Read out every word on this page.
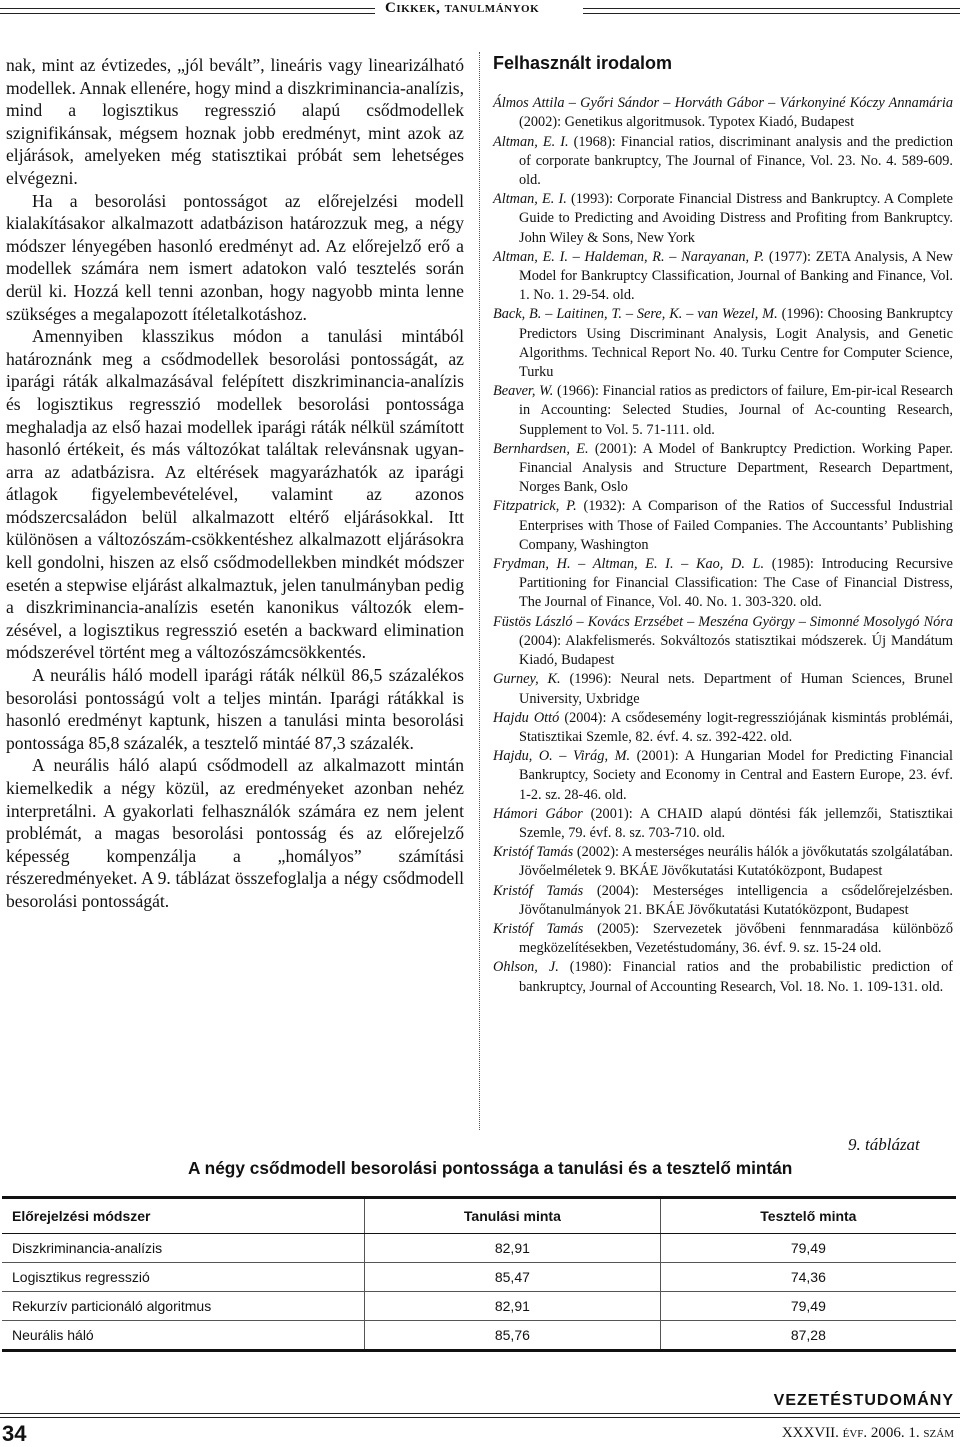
Cikkek, tanulmányok

nak, mint az évtizedes, „jól bevált”, lineáris vagy linearizálható modellek. Annak ellenére, hogy mind a diszkriminancia-analízis, mind a logisztikus regresszió alapú csődmodellek szignifikánsak, mégsem hoznak jobb eredményt, mint azok az eljárások, amelyeken még statisztikai próbát sem lehetséges elvégezni.

Ha a besorolási pontosságot az előrejelzési modell kialakításakor alkalmazott adatbázison határozzuk meg, a négy módszer lényegében hasonló eredményt ad. Az előrejelző erő a modellek számára nem ismert adatokon való tesztelés során derül ki. Hozzá kell tenni azonban, hogy nagyobb minta lenne szükséges a megalapozott ítéletalkotáshoz.

Amennyiben klasszikus módon a tanulási mintából határoznánk meg a csődmodellek besorolási pontosságát, az iparági ráták alkalmazásával felépített diszkriminancia-analízis és logisztikus regresszió modellek besorolási pontossága meghaladja az első hazai modellek iparági ráták nélkül számított hasonló értékeit, és más változókat találtak relevánsnak ugyanarra az adatbázisra. Az eltérések magyarázhatók az iparági átlagok figyelembevételével, valamint az azonos módszercsaládon belül alkalmazott eltérő eljárásokkal. Itt különösen a változószám-csökkentéshez alkalmazott eljárásokra kell gondolni, hiszen az első csődmodellekben mindkét módszer esetén a stepwise eljárást alkalmaztuk, jelen tanulmányban pedig a diszkriminancia-analízis esetén kanonikus változók elemzésével, a logisztikus regresszió esetén a backward elimination módszerével történt meg a változószámcsökkentés.

A neurális háló modell iparági ráták nélkül 86,5 százalékos besorolási pontosságú volt a teljes mintán. Iparági rátákkal is hasonló eredményt kaptunk, hiszen a tanulási minta besorolási pontossága 85,8 százalék, a tesztelő mintáé 87,3 százalék.

A neurális háló alapú csődmodell az alkalmazott mintán kiemelkedik a négy közül, az eredményeket azonban nehéz interpretálni. A gyakorlati felhasználók számára ez nem jelent problémát, a magas besorolási pontosság és az előrejelző képesség kompenzálja a „homályos” számítási részeredményeket. A 9. táblázat összefoglalja a négy csődmodell besorolási pontosságát.

Felhasznált irodalom

Álmos Attila – Győri Sándor – Horváth Gábor – Várkonyiné Kóczy Annamária (2002): Genetikus algoritmusok. Typotex Kiadó, Budapest

Altman, E. I. (1968): Financial ratios, discriminant analysis and the prediction of corporate bankruptcy, The Journal of Finance, Vol. 23. No. 4. 589-609. old.

Altman, E. I. (1993): Corporate Financial Distress and Bankruptcy. A Complete Guide to Predicting and Avoiding Distress and Profiting from Bankruptcy. John Wiley & Sons, New York

Altman, E. I. – Haldeman, R. – Narayanan, P. (1977): ZETA Analysis, A New Model for Bankruptcy Classification, Journal of Banking and Finance, Vol. 1. No. 1. 29-54. old.

Back, B. – Laitinen, T. – Sere, K. – van Wezel, M. (1996): Choosing Bankruptcy Predictors Using Discriminant Analysis, Logit Analysis, and Genetic Algorithms. Technical Report No. 40. Turku Centre for Computer Science, Turku

Beaver, W. (1966): Financial ratios as predictors of failure, Em-pir-ical Research in Accounting: Selected Studies, Journal of Ac-counting Research, Supplement to Vol. 5. 71-111. old.

Bernhardsen, E. (2001): A Model of Bankruptcy Prediction. Working Paper. Financial Analysis and Structure Department, Research Department, Norges Bank, Oslo

Fitzpatrick, P. (1932): A Comparison of the Ratios of Successful Industrial Enterprises with Those of Failed Companies. The Accountants’ Publishing Company, Washington

Frydman, H. – Altman, E. I. – Kao, D. L. (1985): Introducing Recursive Partitioning for Financial Classification: The Case of Financial Distress, The Journal of Finance, Vol. 40. No. 1. 303-320. old.

Füstös László – Kovács Erzsébet – Meszéna György – Simonné Mosolygó Nóra (2004): Alakfelismerés. Sokváltozós statisztikai módszerek. Új Mandátum Kiadó, Budapest

Gurney, K. (1996): Neural nets. Department of Human Sciences, Brunel University, Uxbridge

Hajdu Ottó (2004): A csődesemény logit-regressziójának kismintás problémái, Statisztikai Szemle, 82. évf. 4. sz. 392-422. old.

Hajdu, O. – Virág, M. (2001): A Hungarian Model for Predicting Financial Bankruptcy, Society and Economy in Central and Eastern Europe, 23. évf. 1-2. sz. 28-46. old.

Hámori Gábor (2001): A CHAID alapú döntési fák jellemzői, Statisztikai Szemle, 79. évf. 8. sz. 703-710. old.

Kristóf Tamás (2002): A mesterséges neurális hálók a jövőkutatás szolgálatában. Jövőelméletek 9. BKÁE Jövőkutatási Kutatóközpont, Budapest

Kristóf Tamás (2004): Mesterséges intelligencia a csődelőrejelzésben. Jövőtanulmányok 21. BKÁE Jövőkutatási Kutatóközpont, Budapest

Kristóf Tamás (2005): Szervezetek jövőbeni fennmaradása különböző megközelítésekben, Vezetéstudomány, 36. évf. 9. sz. 15-24 old.

Ohlson, J. (1980): Financial ratios and the probabilistic prediction of bankruptcy, Journal of Accounting Research, Vol. 18. No. 1. 109-131. old.

9. táblázat
A négy csődmodell besorolási pontossága a tanulási és a tesztelő mintán
Előrejelzési módszer	Tanulási minta	Tesztelő minta
Diszkriminancia-analízis	82,91	79,49
Logisztikus regresszió	85,47	74,36
Rekurzív particionáló algoritmus	82,91	79,49
Neurális háló	85,76	87,28
VEZETÉSTUDOMÁNY
34	XXXVII. évf. 2006. 1. szám
